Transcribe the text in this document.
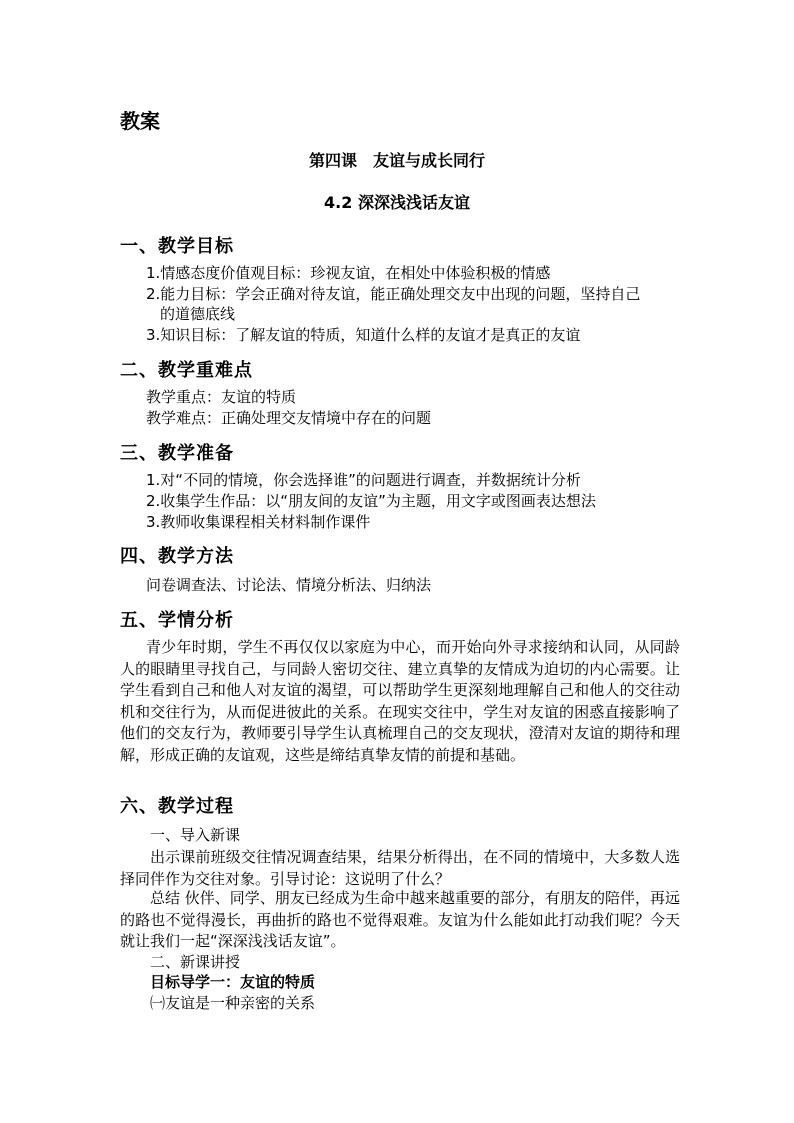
教案
第四课　友谊与成长同行
4.2 深深浅浅话友谊
一、教学目标
1.情感态度价值观目标：珍视友谊，在相处中体验积极的情感
2.能力目标：学会正确对待友谊，能正确处理交友中出现的问题，坚持自己
的道德底线
3.知识目标：了解友谊的特质，知道什么样的友谊才是真正的友谊
二、教学重难点
教学重点：友谊的特质
教学难点：正确处理交友情境中存在的问题
三、教学准备
1.对“不同的情境，你会选择谁”的问题进行调查，并数据统计分析
2.收集学生作品：以“朋友间的友谊”为主题，用文字或图画表达想法
3.教师收集课程相关材料制作课件
四、教学方法
问卷调查法、讨论法、情境分析法、归纳法
五、学情分析
青少年时期，学生不再仅仅以家庭为中心，而开始向外寻求接纳和认同，从同龄人的眼睛里寻找自己，与同龄人密切交往、建立真挚的友情成为迫切的内心需要。让学生看到自己和他人对友谊的渴望，可以帮助学生更深刻地理解自己和他人的交往动机和交往行为，从而促进彼此的关系。在现实交往中，学生对友谊的困惑直接影响了他们的交友行为，教师要引导学生认真梳理自己的交友现状，澄清对友谊的期待和理解，形成正确的友谊观，这些是缔结真挚友情的前提和基础。
六、教学过程
一、导入新课
出示课前班级交往情况调查结果，结果分析得出，在不同的情境中，大多数人选择同伴作为交往对象。引导讨论：这说明了什么？
总结 伙伴、同学、朋友已经成为生命中越来越重要的部分，有朋友的陪伴，再远的路也不觉得漫长，再曲折的路也不觉得艰难。友谊为什么能如此打动我们呢？今天就让我们一起“深深浅浅话友谊”。
二、新课讲授
目标导学一：友谊的特质
㈠友谊是一种亲密的关系
